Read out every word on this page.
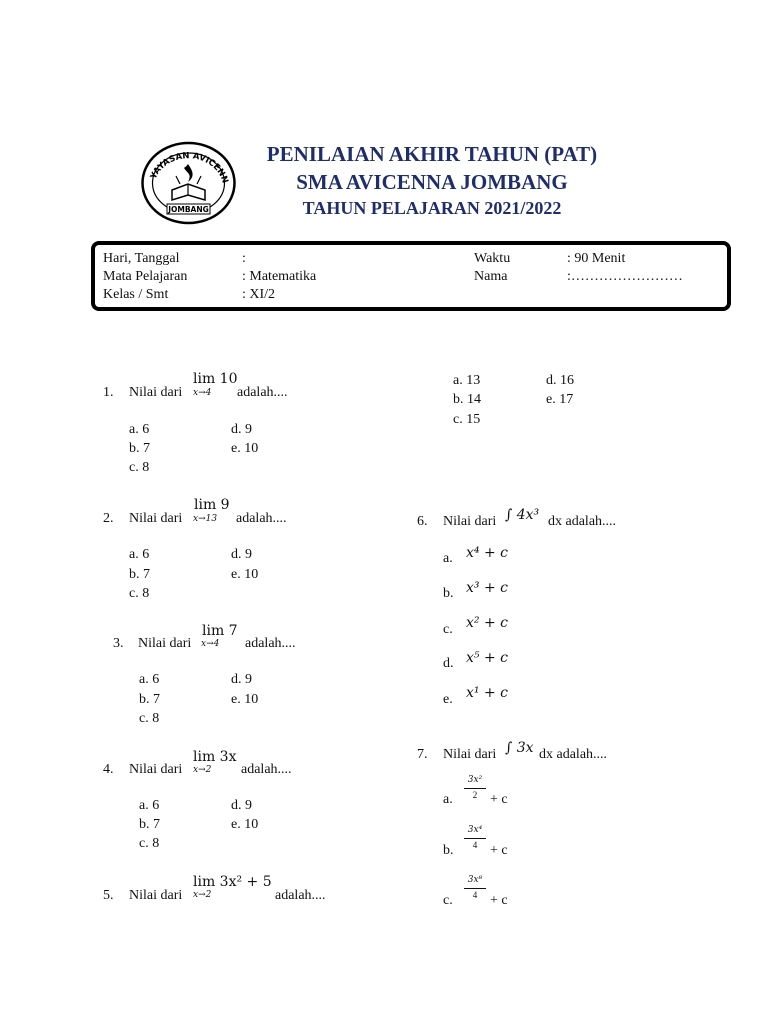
YAYASAN AVICENN
JOMBANG
PENILAIAN AKHIR TAHUN (PAT)
SMA AVICENNA JOMBANG
TAHUN PELAJARAN 2021/2022
Hari, Tanggal	:
Mata Pelajaran	: Matematika
Kelas / Smt	: XI/2
Waktu	: 90 Menit
Nama	:……………………
1. Nilai dari
lim 10
x→4 adalah....
a. 6
b. 7
c. 8
d. 9
e. 10
2. Nilai dari
lim 9
x→13 adalah....
a. 6
b. 7
c. 8
d. 9
e. 10
3. Nilai dari
lim 7
x→4 adalah....
a. 6
b. 7
c. 8
d. 9
e. 10
4. Nilai dari
lim 3x
x→2 adalah....
a. 6
b. 7
c. 8
d. 9
e. 10
5. Nilai dari
lim 3x² + 5
x→2	adalah....
a. 13
b. 14
c. 15
d. 16
e. 17
6. Nilai dari ∫ 4x³ dx adalah....
a. x⁴ + c
b. x³ + c
c. x² + c
d. x⁵ + c
e. x¹ + c
7. Nilai dari ∫ 3x dx adalah....
a.
3x²
2 + c
b.
3x⁴
4 + c
c.
3x⁸
4 + c
